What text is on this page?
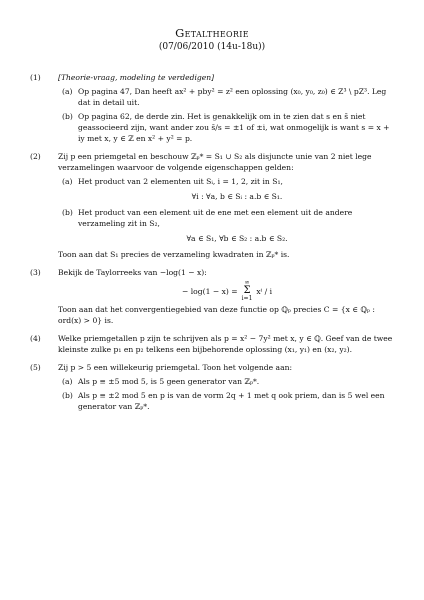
Getaltheorie
(07/06/2010 (14u-18u))
(1) [Theorie-vraag, modeling te verdedigen]
(a) Op pagina 47, Dan heeft ax² + pby² = z² een oplossing (x₀, y₀, z₀) ∈ Z³ \ pZ³. Leg dat in detail uit.
(b) Op pagina 62, de derde zin. Het is genakkelijk om in te zien dat s en s̄ niet geassocieerd zijn, want ander zou s̄/s = ±1 of ±i, wat onmogelijk is want s = x + iy met x, y ∈ ℤ en x² + y² = p.
(2) Zij p een priemgetal en beschouw ℤₚ* = S₁ ∪ S₂ als disjuncte unie van 2 niet lege verzamelingen waarvoor de volgende eigenschappen gelden:
(a) Het product van 2 elementen uit Sᵢ, i = 1, 2, zit in S₁,
∀i : ∀a, b ∈ Sᵢ : a.b ∈ S₁.
(b) Het product van een element uit de ene met een element uit de andere verzameling zit in S₂,
∀a ∈ S₁, ∀b ∈ S₂ : a.b ∈ S₂.
Toon aan dat S₁ precies de verzameling kwadraten in ℤₚ* is.
(3) Bekijk de Taylorreeks van −log(1 − x):
− log(1 − x) =
∞
Σ
i=1
xⁱ / i
Toon aan dat het convergentiegebied van deze functie op ℚₚ precies C = {x ∈ ℚₚ : ord(x) > 0} is.
(4) Welke priemgetallen p zijn te schrijven als p = x² − 7y² met x, y ∈ ℚ. Geef van de twee kleinste zulke p₁ en p₂ telkens een bijbehorende oplossing (x₁, y₁) en (x₂, y₂).
(5) Zij p > 5 een willekeurig priemgetal. Toon het volgende aan:
(a) Als p ≡ ±5 mod 5, is 5 geen generator van ℤₚ*.
(b) Als p ≡ ±2 mod 5 en p is van de vorm 2q + 1 met q ook priem, dan is 5 wel een generator van ℤₚ*.
